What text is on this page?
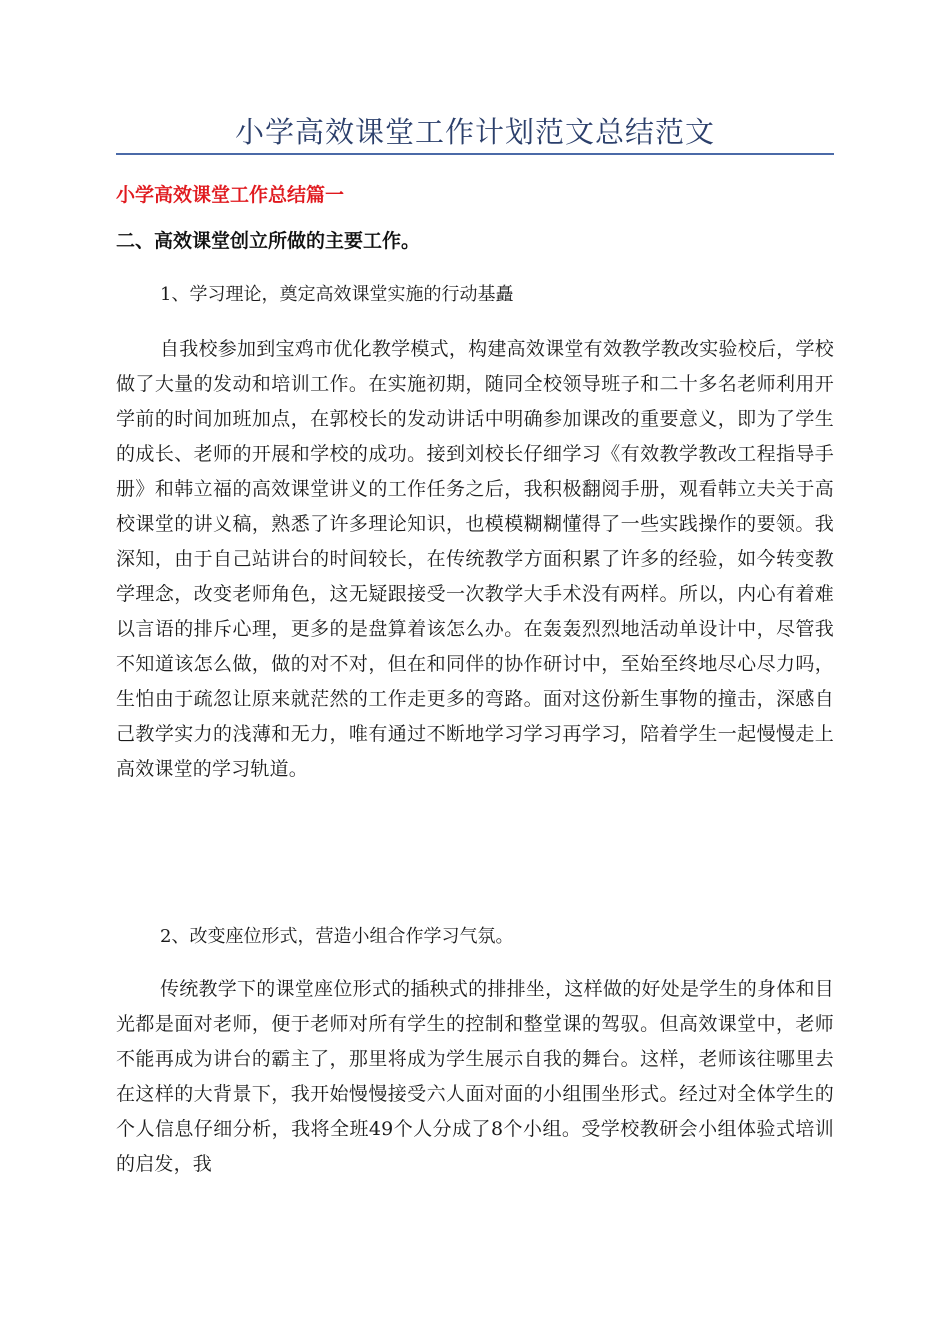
小学高效课堂工作计划范文总结范文
小学高效课堂工作总结篇一
二、高效课堂创立所做的主要工作。

1、学习理论，奠定高效课堂实施的行动基矗

自我校参加到宝鸡市优化教学模式，构建高效课堂有效教学教改实验校后，学校做了大量的发动和培训工作。在实施初期，随同全校领导班子和二十多名老师利用开学前的时间加班加点，在郭校长的发动讲话中明确参加课改的重要意义，即为了学生的成长、老师的开展和学校的成功。接到刘校长仔细学习《有效教学教改工程指导手册》和韩立福的高效课堂讲义的工作任务之后，我积极翻阅手册，观看韩立夫关于高校课堂的讲义稿，熟悉了许多理论知识，也模模糊糊懂得了一些实践操作的要领。我深知，由于自己站讲台的时间较长，在传统教学方面积累了许多的经验，如今转变教学理念，改变老师角色，这无疑跟接受一次教学大手术没有两样。所以，内心有着难以言语的排斥心理，更多的是盘算着该怎么办。在轰轰烈烈地活动单设计中，尽管我不知道该怎么做，做的对不对，但在和同伴的协作研讨中，至始至终地尽心尽力吗，生怕由于疏忽让原来就茫然的工作走更多的弯路。面对这份新生事物的撞击，深感自己教学实力的浅薄和无力，唯有通过不断地学习学习再学习，陪着学生一起慢慢走上高效课堂的学习轨道。

2、改变座位形式，营造小组合作学习气氛。

传统教学下的课堂座位形式的插秧式的排排坐，这样做的好处是学生的身体和目光都是面对老师，便于老师对所有学生的控制和整堂课的驾驭。但高效课堂中，老师不能再成为讲台的霸主了，那里将成为学生展示自我的舞台。这样，老师该往哪里去在这样的大背景下，我开始慢慢接受六人面对面的小组围坐形式。经过对全体学生的个人信息仔细分析，我将全班49个人分成了8个小组。受学校教研会小组体验式培训的启发，我
